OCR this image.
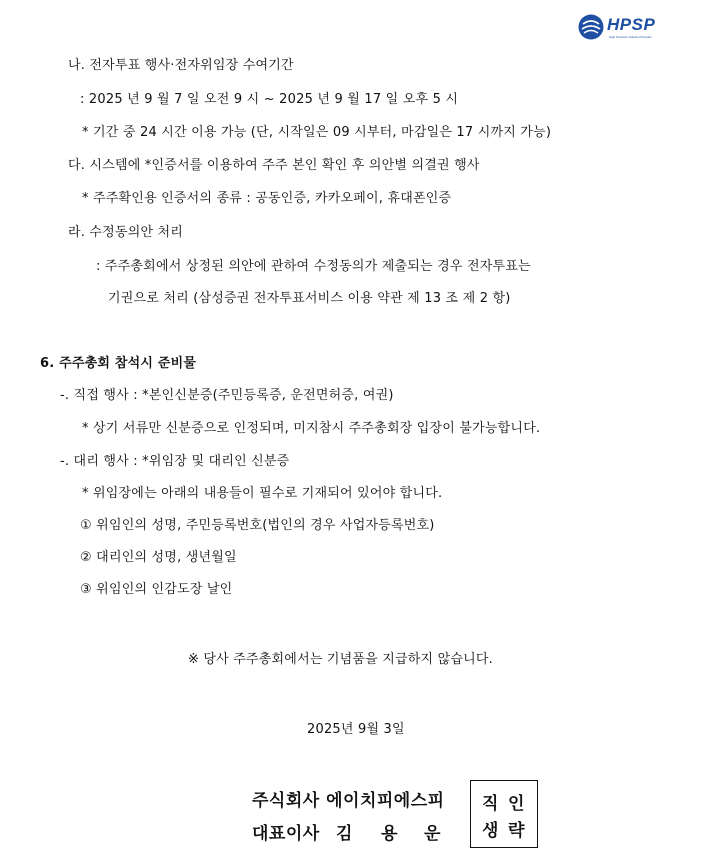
HPSP
High Pressure Solution Provider
나. 전자투표 행사·전자위임장 수여기간
: 2025 년 9 월 7 일 오전 9 시 ~ 2025 년 9 월 17 일 오후 5 시
* 기간 중 24 시간 이용 가능 (단, 시작일은 09 시부터, 마감일은 17 시까지 가능)
다. 시스템에 *인증서를 이용하여 주주 본인 확인 후 의안별 의결권 행사
* 주주확인용 인증서의 종류 : 공동인증, 카카오페이, 휴대폰인증
라. 수정동의안 처리
: 주주총회에서 상정된 의안에 관하여 수정동의가 제출되는 경우 전자투표는
기권으로 처리 (삼성증권 전자투표서비스 이용 약관 제 13 조 제 2 항)
6. 주주총회 참석시 준비물
-. 직접 행사 : *본인신분증(주민등록증, 운전면허증, 여권)
* 상기 서류만 신분증으로 인정되며, 미지참시 주주총회장 입장이 불가능합니다.
-. 대리 행사 : *위임장 및 대리인 신분증
* 위임장에는 아래의 내용들이 필수로 기재되어 있어야 합니다.
① 위임인의 성명, 주민등록번호(법인의 경우 사업자등록번호)
② 대리인의 성명, 생년월일
③ 위임인의 인감도장 날인
※ 당사 주주총회에서는 기념품을 지급하지 않습니다.
2025년 9월 3일
주식회사 에이치피에스피
대표이사 김 용 운
직 인
생 략
